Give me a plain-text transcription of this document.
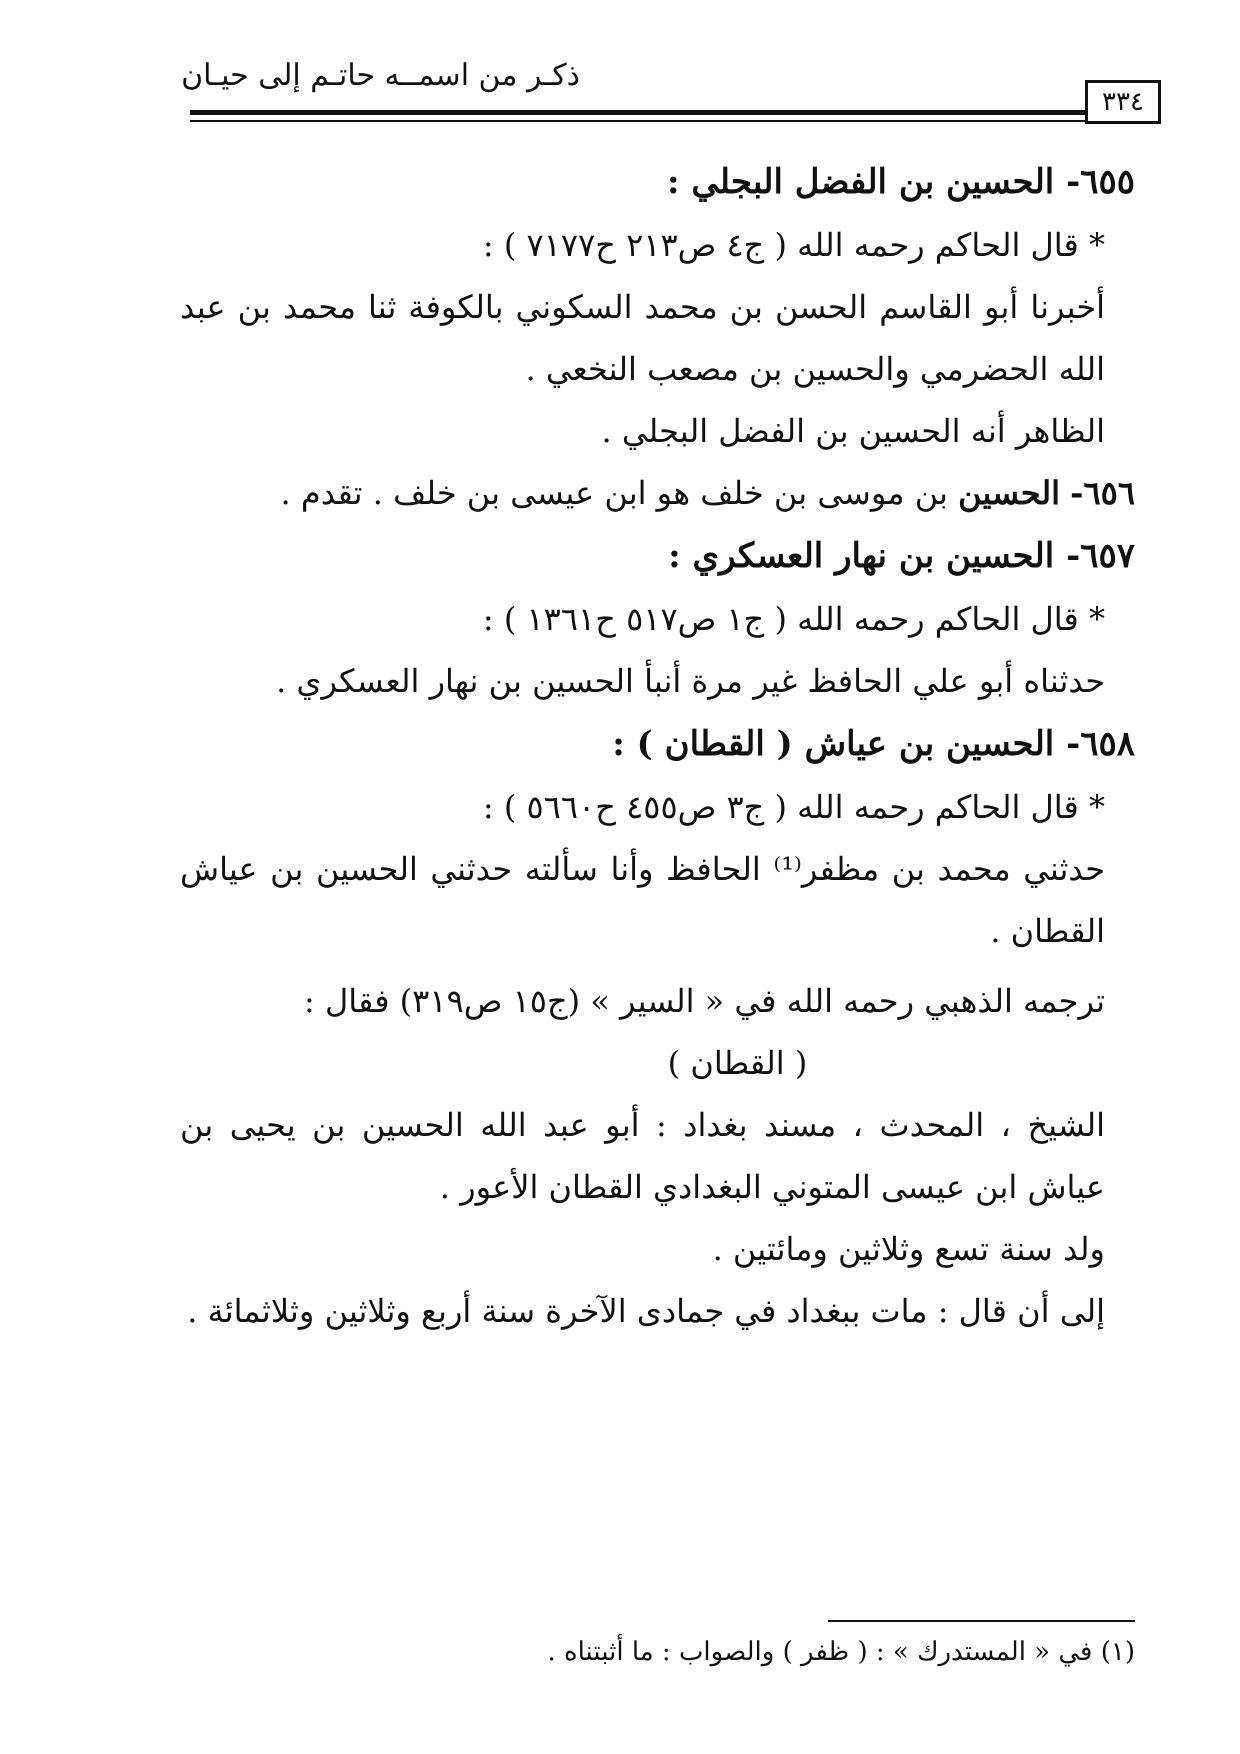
ذكـر من اسمــه حاتـم إلى حيـان
٣٣٤

٦٥٥- الحسين بن الفضل البجلي :

* قال الحاكم رحمه الله ( ج٤ ص٢١٣ ح٧١٧٧ ) :

أخبرنا أبو القاسم الحسن بن محمد السكوني بالكوفة ثنا محمد بن عبد الله الحضرمي والحسين بن مصعب النخعي .

الظاهر أنه الحسين بن الفضل البجلي .

٦٥٦- الحسين بن موسى بن خلف هو ابن عيسى بن خلف . تقدم .

٦٥٧- الحسين بن نهار العسكري :

* قال الحاكم رحمه الله ( ج١ ص٥١٧ ح١٣٦١ ) :

حدثناه أبو علي الحافظ غير مرة أنبأ الحسين بن نهار العسكري .

٦٥٨- الحسين بن عياش ( القطان ) :

* قال الحاكم رحمه الله ( ج٣ ص٤٥٥ ح٥٦٦٠ ) :

حدثني محمد بن مظفر⁽¹⁾ الحافظ وأنا سألته حدثني الحسين بن عياش القطان .

ترجمه الذهبي رحمه الله في « السير » (ج١٥ ص٣١٩) فقال :

( القطان )

الشيخ ، المحدث ، مسند بغداد : أبو عبد الله الحسين بن يحيى بن عياش ابن عيسى المتوني البغدادي القطان الأعور .

ولد سنة تسع وثلاثين ومائتين .

إلى أن قال : مات ببغداد في جمادى الآخرة سنة أربع وثلاثين وثلاثمائة .

(١) في « المستدرك » : ( ظفر ) والصواب : ما أثبتناه .
